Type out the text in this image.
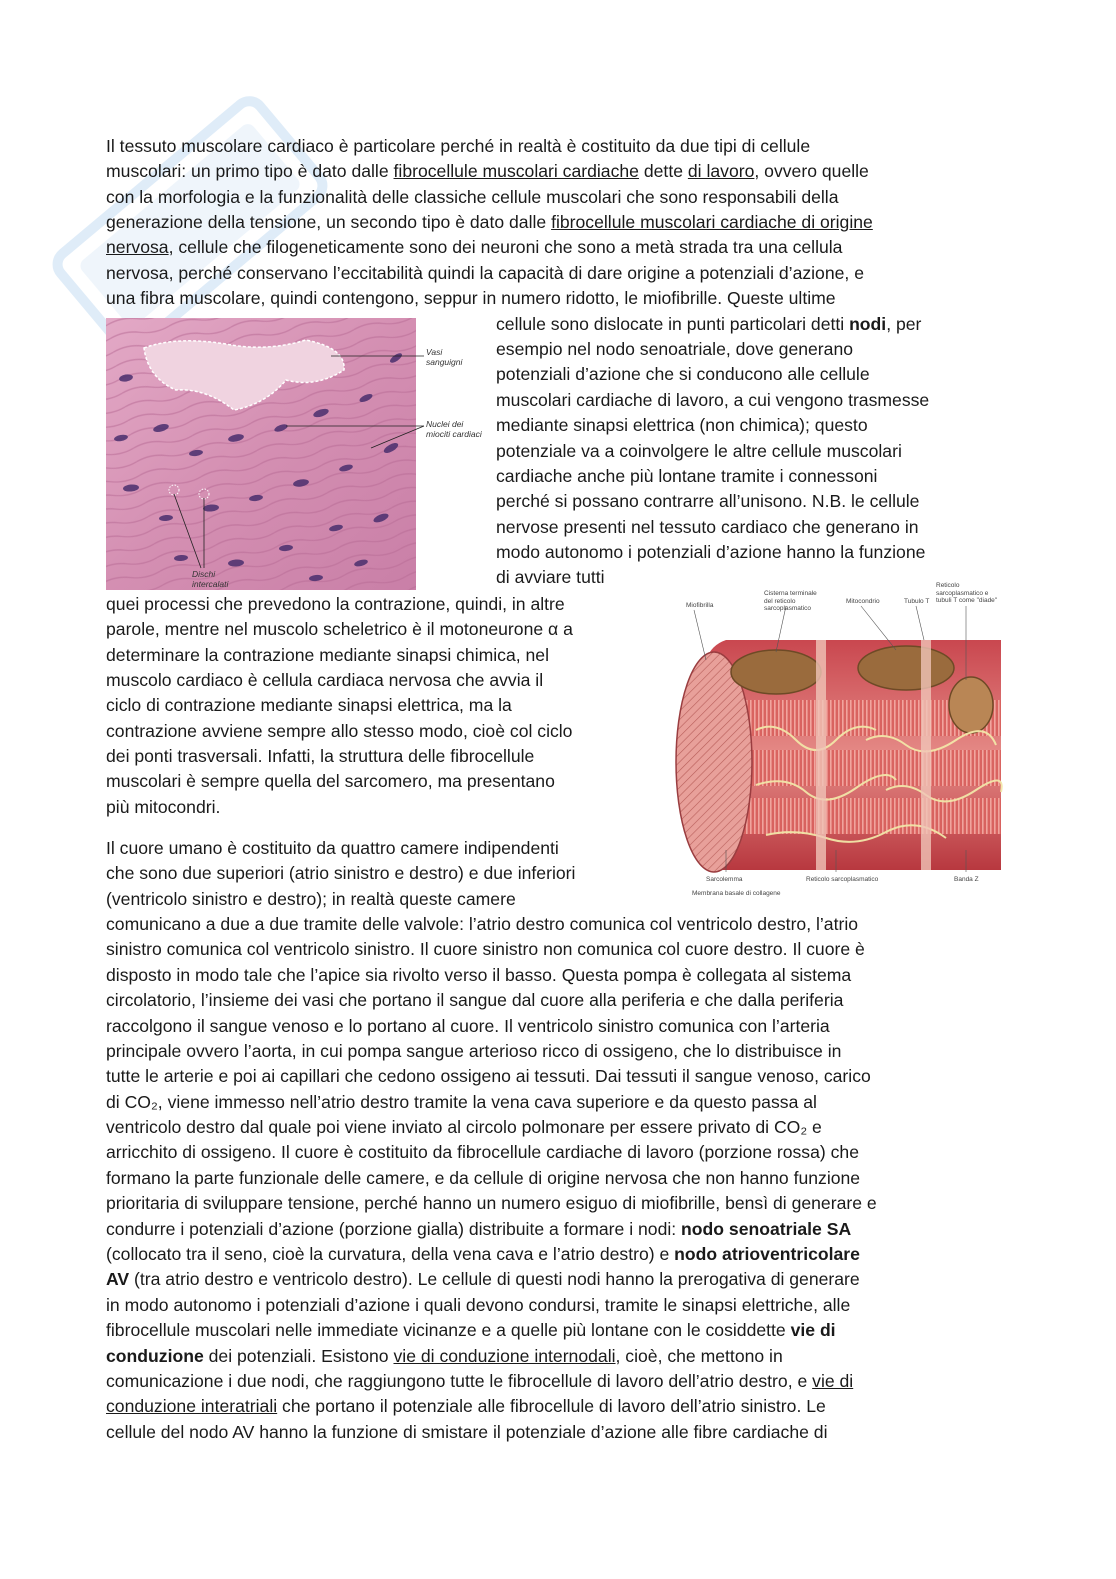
Il tessuto muscolare cardiaco è particolare perché in realtà è costituito da due tipi di cellule
muscolari: un primo tipo è dato dalle fibrocellule muscolari cardiache dette di lavoro, ovvero quelle
con la morfologia e la funzionalità delle classiche cellule muscolari che sono responsabili della
generazione della tensione, un secondo tipo è dato dalle fibrocellule muscolari cardiache di origine
nervosa, cellule che filogeneticamente sono dei neuroni che sono a metà strada tra una cellula
nervosa, perché conservano l’eccitabilità quindi la capacità di dare origine a potenziali d’azione, e
una fibra muscolare, quindi contengono, seppur in numero ridotto, le miofibrille. Queste ultime
cellule sono dislocate in punti particolari detti nodi, per
esempio nel nodo senoatriale, dove generano
potenziali d’azione che si conducono alle cellule
muscolari cardiache di lavoro, a cui vengono trasmesse
mediante sinapsi elettrica (non chimica); questo
potenziale va a coinvolgere le altre cellule muscolari
cardiache anche più lontane tramite i connessoni
perché si possano contrarre all’unisono. N.B. le cellule
nervose presenti nel tessuto cardiaco che generano in
modo autonomo i potenziali d’azione hanno la funzione
di avviare tutti
quei processi che prevedono la contrazione, quindi, in altre
parole, mentre nel muscolo scheletrico è il motoneurone α a
determinare la contrazione mediante sinapsi chimica, nel
muscolo cardiaco è cellula cardiaca nervosa che avvia il
ciclo di contrazione mediante sinapsi elettrica, ma la
contrazione avviene sempre allo stesso modo, cioè col ciclo
dei ponti trasversali. Infatti, la struttura delle fibrocellule
muscolari è sempre quella del sarcomero, ma presentano
più mitocondri.
Il cuore umano è costituito da quattro camere indipendenti
che sono due superiori (atrio sinistro e destro) e due inferiori
(ventricolo sinistro e destro); in realtà queste camere
comunicano a due a due tramite delle valvole: l’atrio destro comunica col ventricolo destro, l’atrio
sinistro comunica col ventricolo sinistro. Il cuore sinistro non comunica col cuore destro. Il cuore è
disposto in modo tale che l’apice sia rivolto verso il basso. Questa pompa è collegata al sistema
circolatorio, l’insieme dei vasi che portano il sangue dal cuore alla periferia e che dalla periferia
raccolgono il sangue venoso e lo portano al cuore. Il ventricolo sinistro comunica con l’arteria
principale ovvero l’aorta, in cui pompa sangue arterioso ricco di ossigeno, che lo distribuisce in
tutte le arterie e poi ai capillari che cedono ossigeno ai tessuti. Dai tessuti il sangue venoso, carico
di CO₂, viene immesso nell’atrio destro tramite la vena cava superiore e da questo passa al
ventricolo destro dal quale poi viene inviato al circolo polmonare per essere privato di CO₂ e
arricchito di ossigeno. Il cuore è costituito da fibrocellule cardiache di lavoro (porzione rossa) che
formano la parte funzionale delle camere, e da cellule di origine nervosa che non hanno funzione
prioritaria di sviluppare tensione, perché hanno un numero esiguo di miofibrille, bensì di generare e
condurre i potenziali d’azione (porzione gialla) distribuite a formare i nodi: nodo senoatriale SA
(collocato tra il seno, cioè la curvatura, della vena cava e l’atrio destro) e nodo atrioventricolare
AV (tra atrio destro e ventricolo destro). Le cellule di questi nodi hanno la prerogativa di generare
in modo autonomo i potenziali d’azione i quali devono condursi, tramite le sinapsi elettriche, alle
fibrocellule muscolari nelle immediate vicinanze e a quelle più lontane con le cosiddette vie di
conduzione dei potenziali. Esistono vie di conduzione internodali, cioè, che mettono in
comunicazione i due nodi, che raggiungono tutte le fibrocellule di lavoro dell’atrio destro, e vie di
conduzione interatriali che portano il potenziale alle fibrocellule di lavoro dell’atrio sinistro. Le
cellule del nodo AV hanno la funzione di smistare il potenziale d’azione alle fibre cardiache di
Vasi sanguigni
Nuclei dei miociti cardiaci
Dischi intercalati
Miofibrilla
Cisterna terminale del reticolo sarcoplasmatico
Mitocondrio	Tubulo T
Reticolo sarcoplasmatico e tubuli T come "diade"
Sarcolemma	Reticolo sarcoplasmatico	Banda Z
Membrana basale di collagene
